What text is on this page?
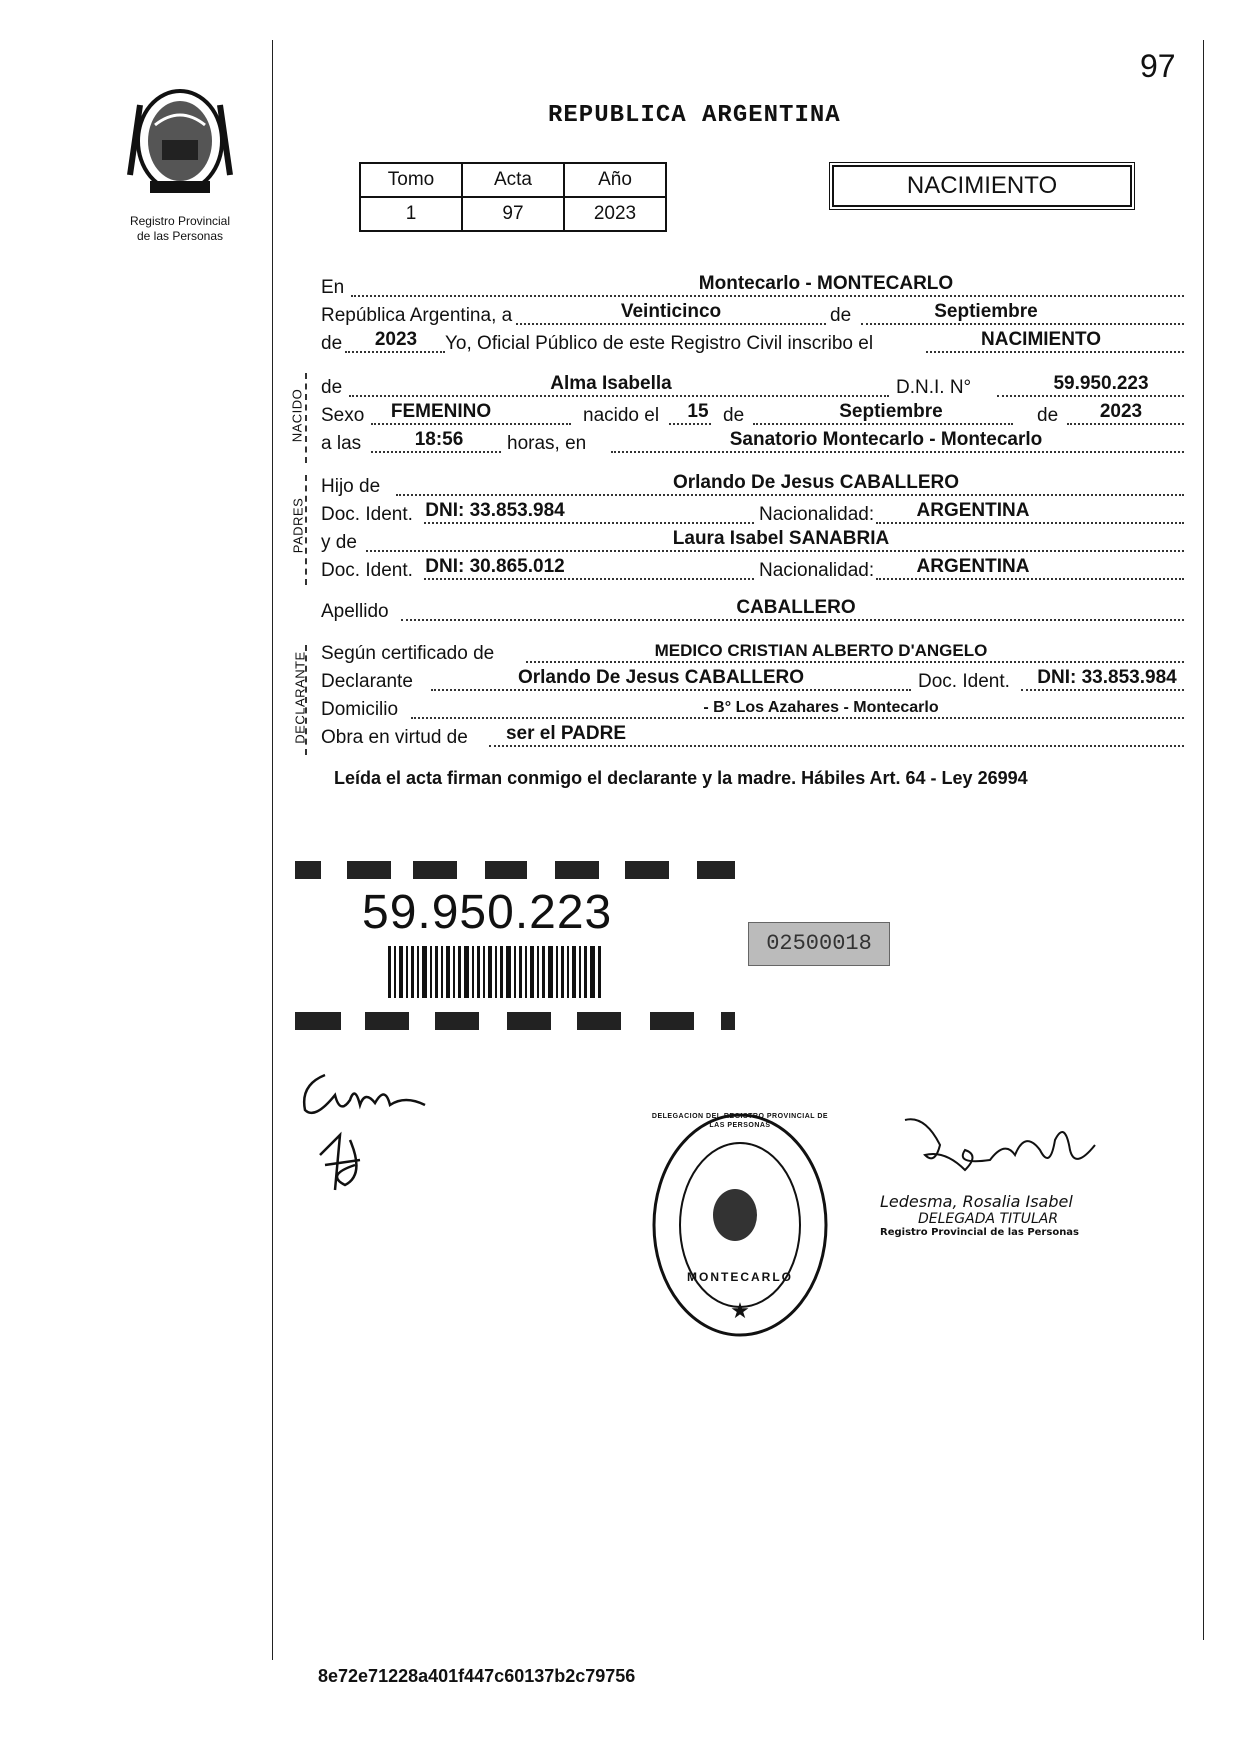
Registro Provincial
de las Personas
97
REPUBLICA ARGENTINA
Tomo	Acta	Año
1	97	2023
NACIMIENTO
NACIDO
PADRES
DECLARANTE
En	Montecarlo - MONTECARLO
República Argentina, a	Veinticinco	de	Septiembre
de 2023 Yo, Oficial Público de este Registro Civil inscribo el	NACIMIENTO
de	Alma Isabella	D.N.I. N°	59.950.223
Sexo FEMENINO	nacido el 15 de	Septiembre	de 2023
a las	18:56 horas, en	Sanatorio Montecarlo - Montecarlo
Hijo de	Orlando De Jesus CABALLERO
Doc. Ident. DNI: 33.853.984	Nacionalidad: ARGENTINA
y de	Laura Isabel SANABRIA
Doc. Ident. DNI: 30.865.012	Nacionalidad: ARGENTINA
Apellido	CABALLERO
Según certificado de	MEDICO CRISTIAN ALBERTO D'ANGELO
Declarante	Orlando De Jesus CABALLERO	Doc. Ident. DNI: 33.853.984
Domicilio	- B° Los Azahares - Montecarlo
Obra en virtud de ser el PADRE
Leída el acta firman conmigo el declarante y la madre. Hábiles Art. 64 - Ley 26994
59.950.223
02500018
★
DELEGACION DEL REGISTRO PROVINCIAL DE LAS PERSONAS
MONTECARLO
Ledesma, Rosalia Isabel
DELEGADA TITULAR
Registro Provincial de las Personas
8e72e71228a401f447c60137b2c79756
